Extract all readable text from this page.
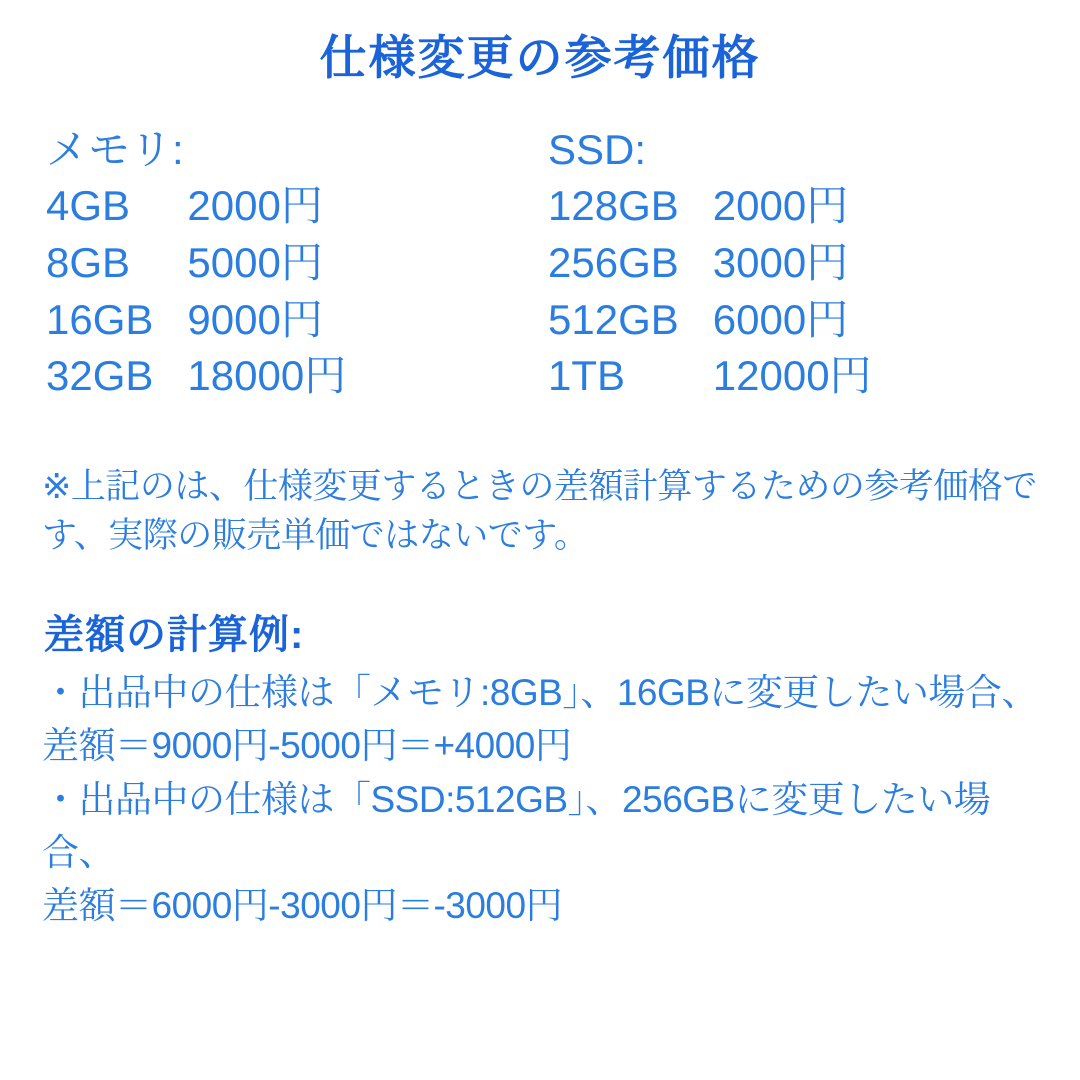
仕様変更の参考価格
メモリ:
4GB	2000円
8GB	5000円
16GB	9000円
32GB	18000円
SSD:
128GB	2000円
256GB	3000円
512GB	6000円
1TB	12000円
※上記のは、仕様変更するときの差額計算するための参考価格です、実際の販売単価ではないです。
差額の計算例:

・出品中の仕様は「メモリ:8GB」、16GBに変更したい場合、

差額＝9000円-5000円＝+4000円

・出品中の仕様は「SSD:512GB」、256GBに変更したい場合、

差額＝6000円-3000円＝-3000円
